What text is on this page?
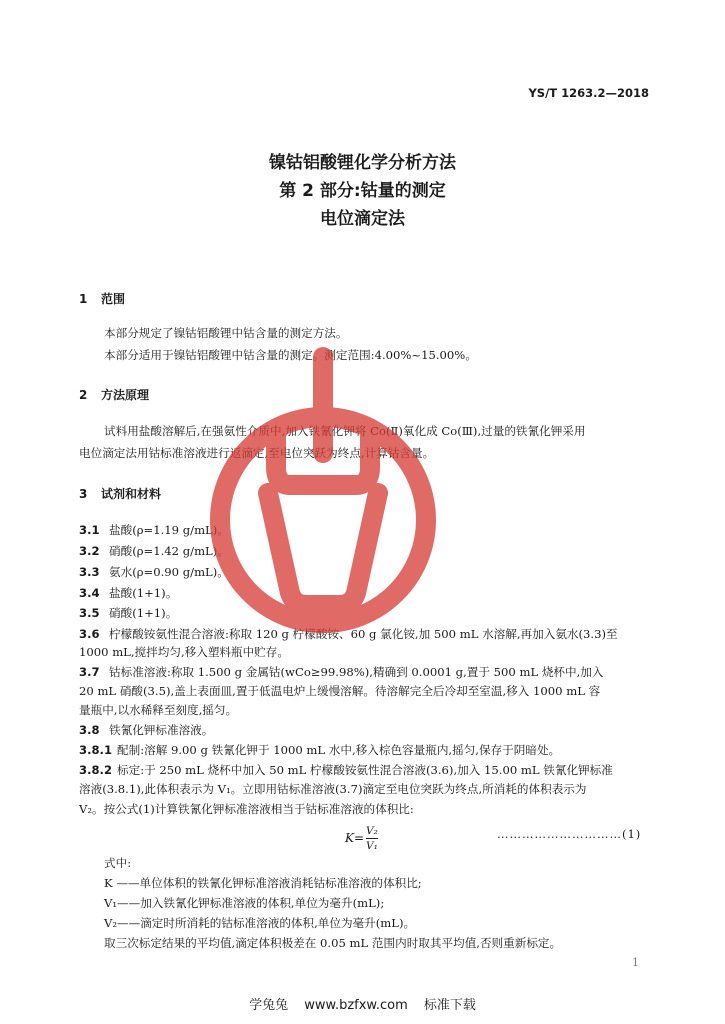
YS/T 1263.2—2018
镍钴铝酸锂化学分析方法
第 2 部分:钴量的测定
电位滴定法
1 范围
本部分规定了镍钴铝酸锂中钴含量的测定方法。
本部分适用于镍钴铝酸锂中钴含量的测定。测定范围:4.00%~15.00%。
2 方法原理
试料用盐酸溶解后,在强氨性介质中,加入铁氰化钾将 Co(Ⅱ)氧化成 Co(Ⅲ),过量的铁氰化钾采用
电位滴定法用钴标准溶液进行返滴定,至电位突跃为终点,计算钴含量。
3 试剂和材料
3.1 盐酸(ρ=1.19 g/mL)。
3.2 硝酸(ρ=1.42 g/mL)。
3.3 氨水(ρ=0.90 g/mL)。
3.4 盐酸(1+1)。
3.5 硝酸(1+1)。
3.6 柠檬酸铵氨性混合溶液:称取 120 g 柠檬酸铵、60 g 氯化铵,加 500 mL 水溶解,再加入氨水(3.3)至
1000 mL,搅拌均匀,移入塑料瓶中贮存。
3.7 钴标准溶液:称取 1.500 g 金属钴(wCo≥99.98%),精确到 0.0001 g,置于 500 mL 烧杯中,加入
20 mL 硝酸(3.5),盖上表面皿,置于低温电炉上缓慢溶解。待溶解完全后冷却至室温,移入 1000 mL 容
量瓶中,以水稀释至刻度,摇匀。
3.8 铁氰化钾标准溶液。
3.8.1 配制:溶解 9.00 g 铁氰化钾于 1000 mL 水中,移入棕色容量瓶内,摇匀,保存于阴暗处。
3.8.2 标定:于 250 mL 烧杯中加入 50 mL 柠檬酸铵氨性混合溶液(3.6),加入 15.00 mL 铁氰化钾标准
溶液(3.8.1),此体积表示为 V₁。立即用钴标准溶液(3.7)滴定至电位突跃为终点,所消耗的体积表示为
V₂。按公式(1)计算铁氰化钾标准溶液相当于钴标准溶液的体积比:
$K= \frac{\text{V₂}}{\text{V₁}}$	…………………………(1)
式中:
K ——单位体积的铁氰化钾标准溶液消耗钴标准溶液的体积比;
V₁——加入铁氰化钾标准溶液的体积,单位为毫升(mL);
V₂——滴定时所消耗的钴标准溶液的体积,单位为毫升(mL)。
取三次标定结果的平均值,滴定体积极差在 0.05 mL 范围内时取其平均值,否则重新标定。
1
学兔兔 www.bzfxw.com 标准下载
